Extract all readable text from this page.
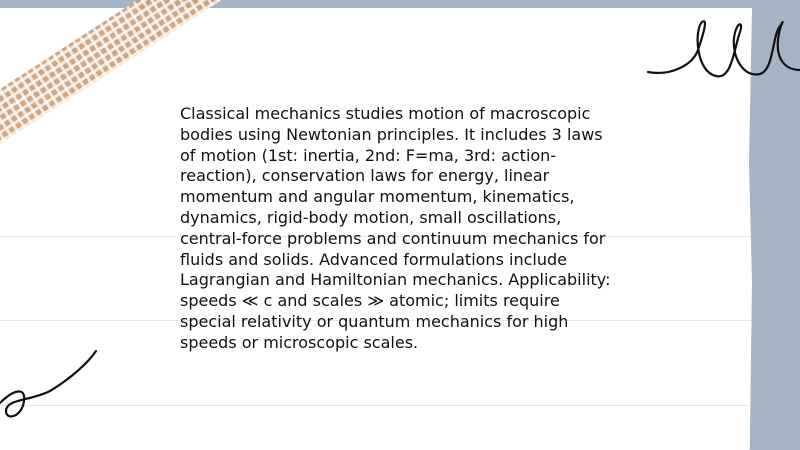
Classical mechanics studies motion of macroscopic
bodies using Newtonian principles. It includes 3 laws
of motion (1st: inertia, 2nd: F=ma, 3rd: action-
reaction), conservation laws for energy, linear
momentum and angular momentum, kinematics,
dynamics, rigid-body motion, small oscillations,
central-force problems and continuum mechanics for
fluids and solids. Advanced formulations include
Lagrangian and Hamiltonian mechanics. Applicability:
speeds ≪ c and scales ≫ atomic; limits require
special relativity or quantum mechanics for high
speeds or microscopic scales.
